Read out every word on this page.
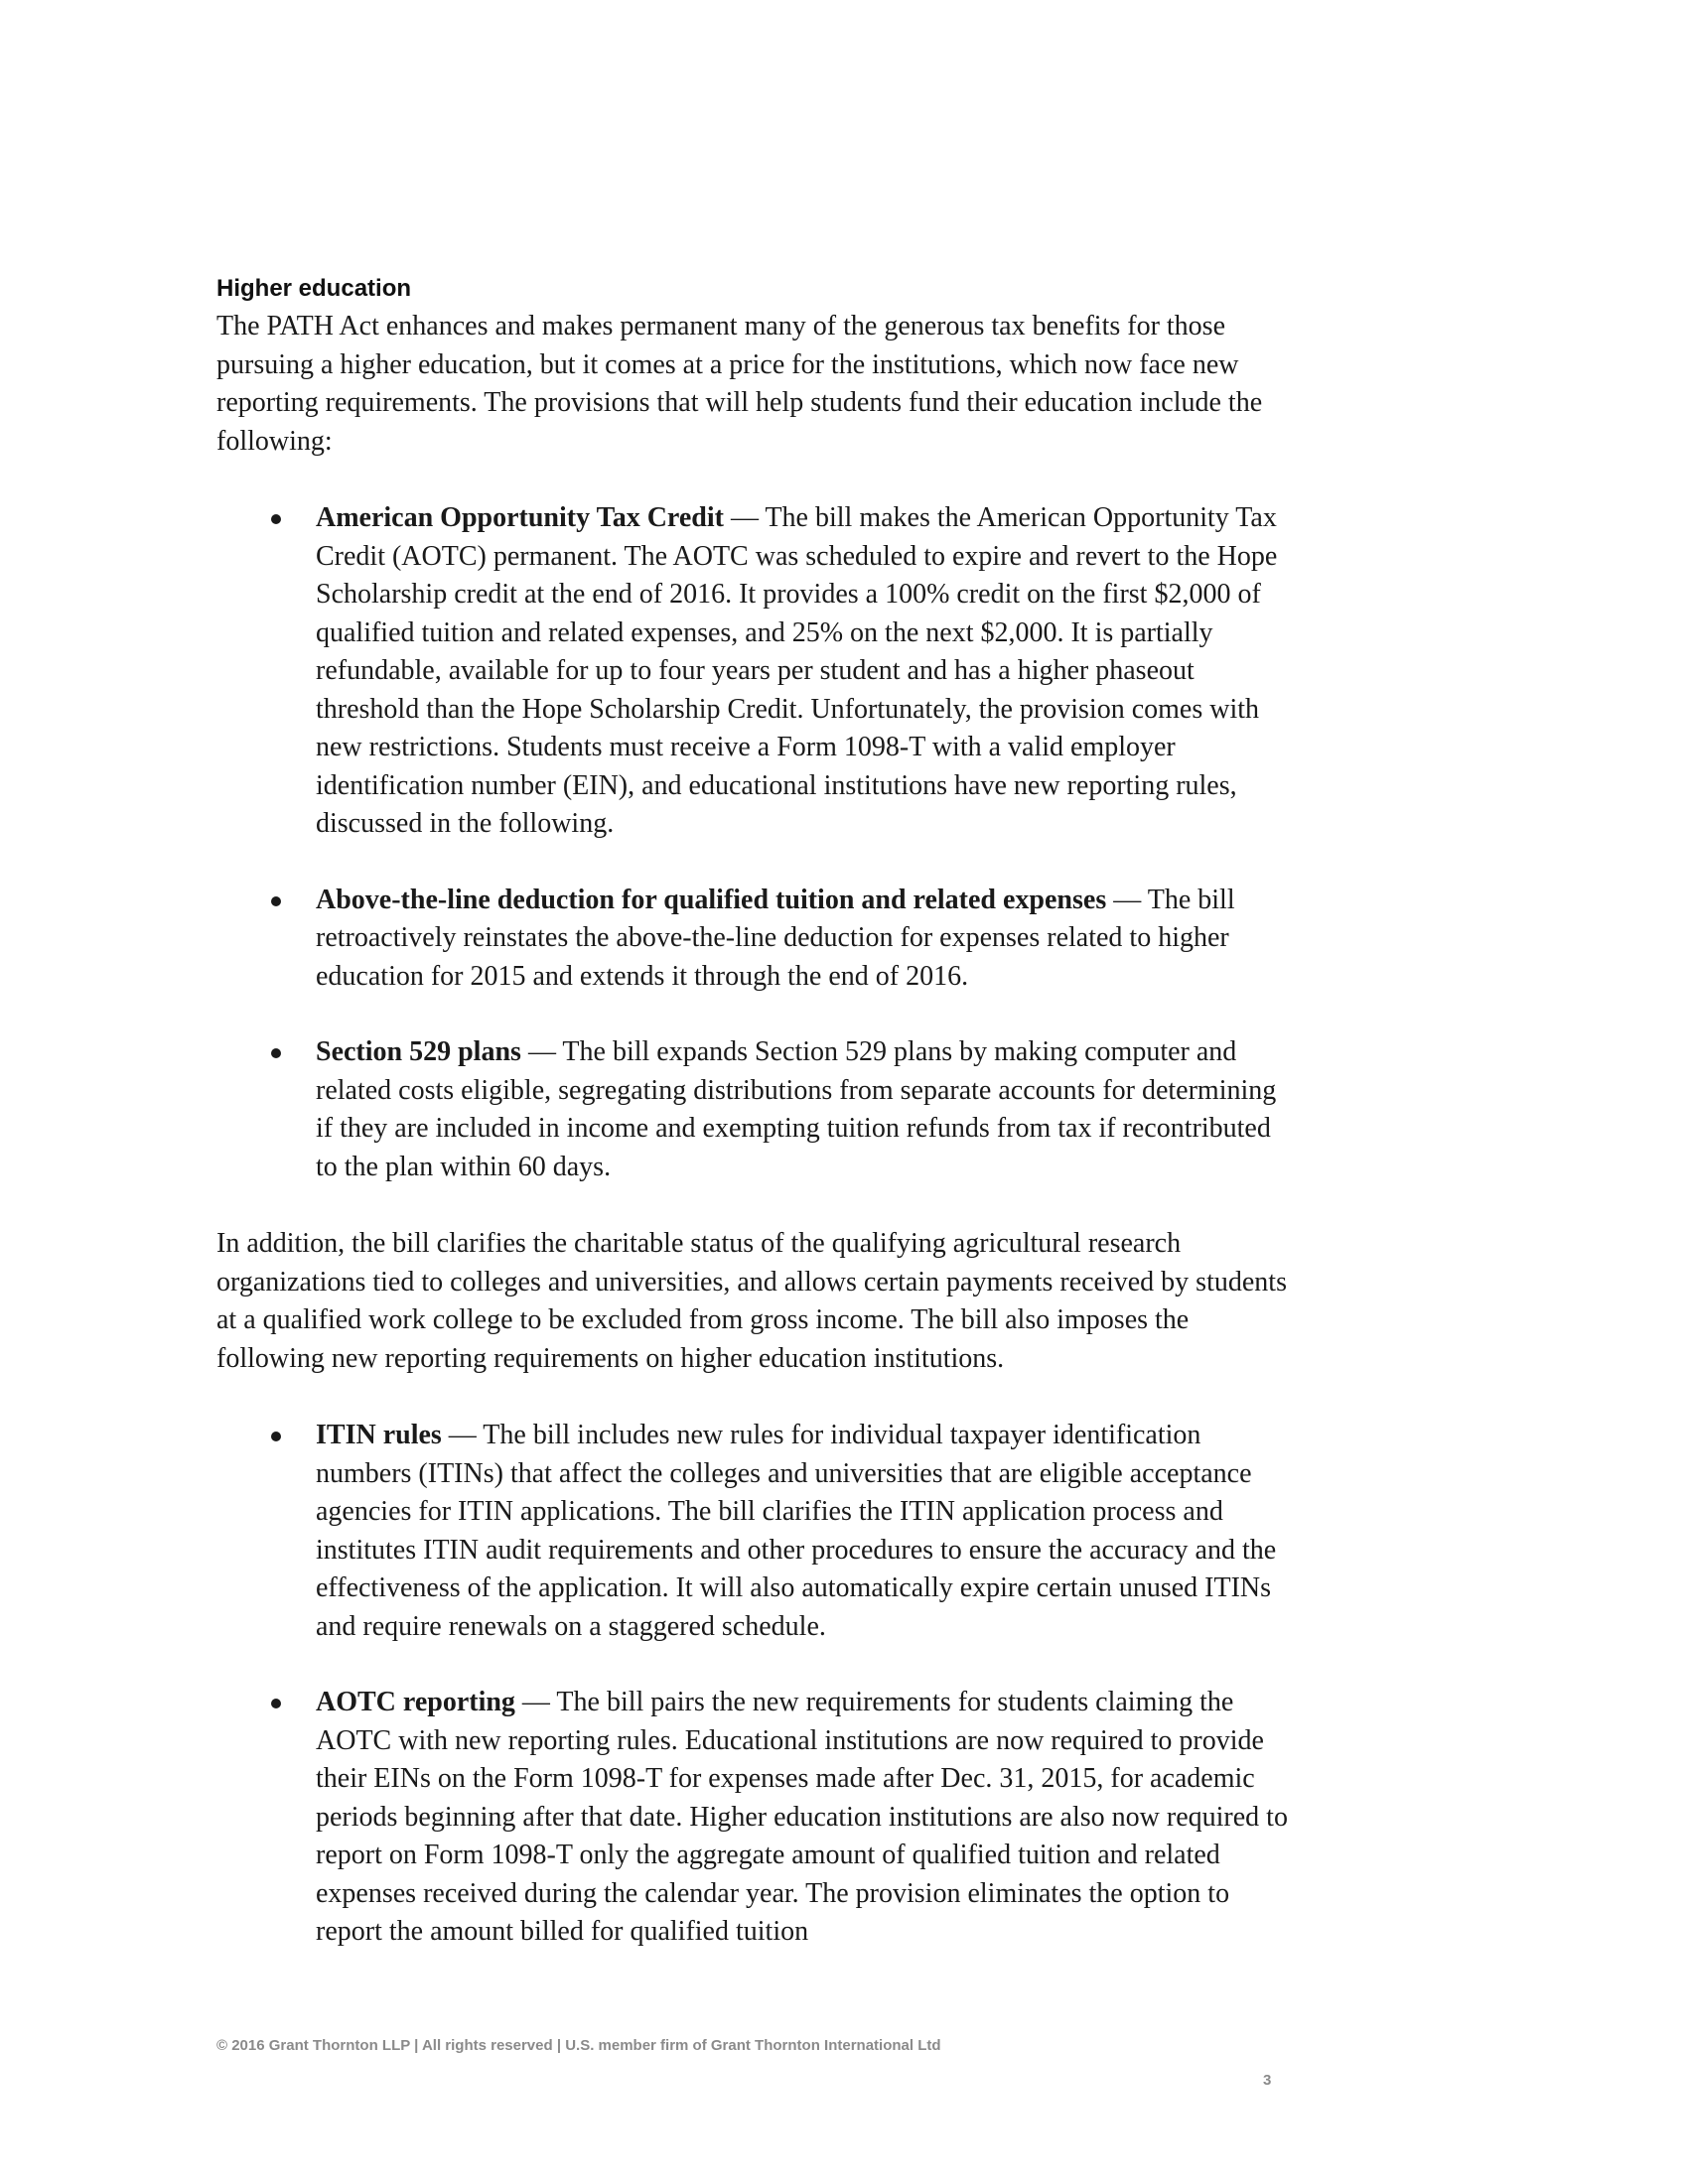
Higher education

The PATH Act enhances and makes permanent many of the generous tax benefits for those pursuing a higher education, but it comes at a price for the institutions, which now face new reporting requirements. The provisions that will help students fund their education include the following:

American Opportunity Tax Credit — The bill makes the American Opportunity Tax Credit (AOTC) permanent. The AOTC was scheduled to expire and revert to the Hope Scholarship credit at the end of 2016. It provides a 100% credit on the first $2,000 of qualified tuition and related expenses, and 25% on the next $2,000. It is partially refundable, available for up to four years per student and has a higher phaseout threshold than the Hope Scholarship Credit. Unfortunately, the provision comes with new restrictions. Students must receive a Form 1098-T with a valid employer identification number (EIN), and educational institutions have new reporting rules, discussed in the following.
Above-the-line deduction for qualified tuition and related expenses — The bill retroactively reinstates the above-the-line deduction for expenses related to higher education for 2015 and extends it through the end of 2016.
Section 529 plans — The bill expands Section 529 plans by making computer and related costs eligible, segregating distributions from separate accounts for determining if they are included in income and exempting tuition refunds from tax if recontributed to the plan within 60 days.

In addition, the bill clarifies the charitable status of the qualifying agricultural research organizations tied to colleges and universities, and allows certain payments received by students at a qualified work college to be excluded from gross income. The bill also imposes the following new reporting requirements on higher education institutions.

ITIN rules — The bill includes new rules for individual taxpayer identification numbers (ITINs) that affect the colleges and universities that are eligible acceptance agencies for ITIN applications. The bill clarifies the ITIN application process and institutes ITIN audit requirements and other procedures to ensure the accuracy and the effectiveness of the application. It will also automatically expire certain unused ITINs and require renewals on a staggered schedule.
AOTC reporting — The bill pairs the new requirements for students claiming the AOTC with new reporting rules. Educational institutions are now required to provide their EINs on the Form 1098-T for expenses made after Dec. 31, 2015, for academic periods beginning after that date. Higher education institutions are also now required to report on Form 1098-T only the aggregate amount of qualified tuition and related expenses received during the calendar year. The provision eliminates the option to report the amount billed for qualified tuition
© 2016 Grant Thornton LLP | All rights reserved | U.S. member firm of Grant Thornton International Ltd
3
